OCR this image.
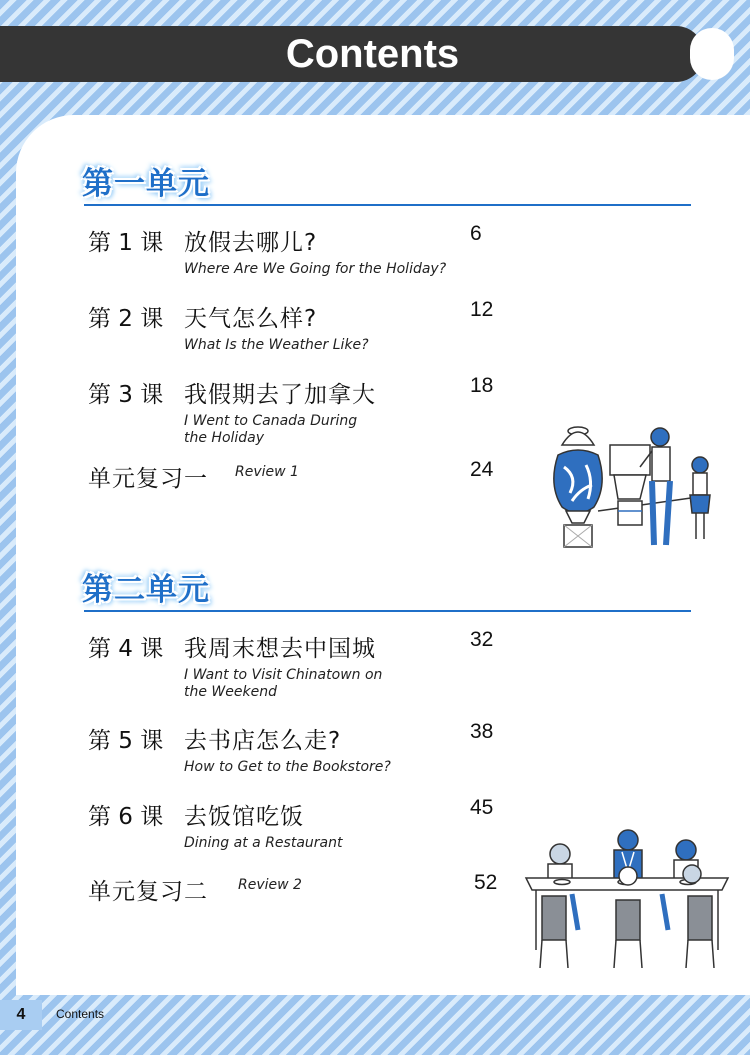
Contents
第一单元
第 1 课 放假去哪儿?	6
Where Are We Going for the Holiday?
第 2 课 天气怎么样?	12
What Is the Weather Like?
第 3 课 我假期去了加拿大	18
I Went to Canada During
the Holiday
单元复习一 Review 1	24
第二单元
第 4 课 我周末想去中国城	32
I Want to Visit Chinatown on
the Weekend
第 5 课 去书店怎么走?	38
How to Get to the Bookstore?
第 6 课 去饭馆吃饭	45
Dining at a Restaurant
单元复习二 Review 2	52
4	Contents
